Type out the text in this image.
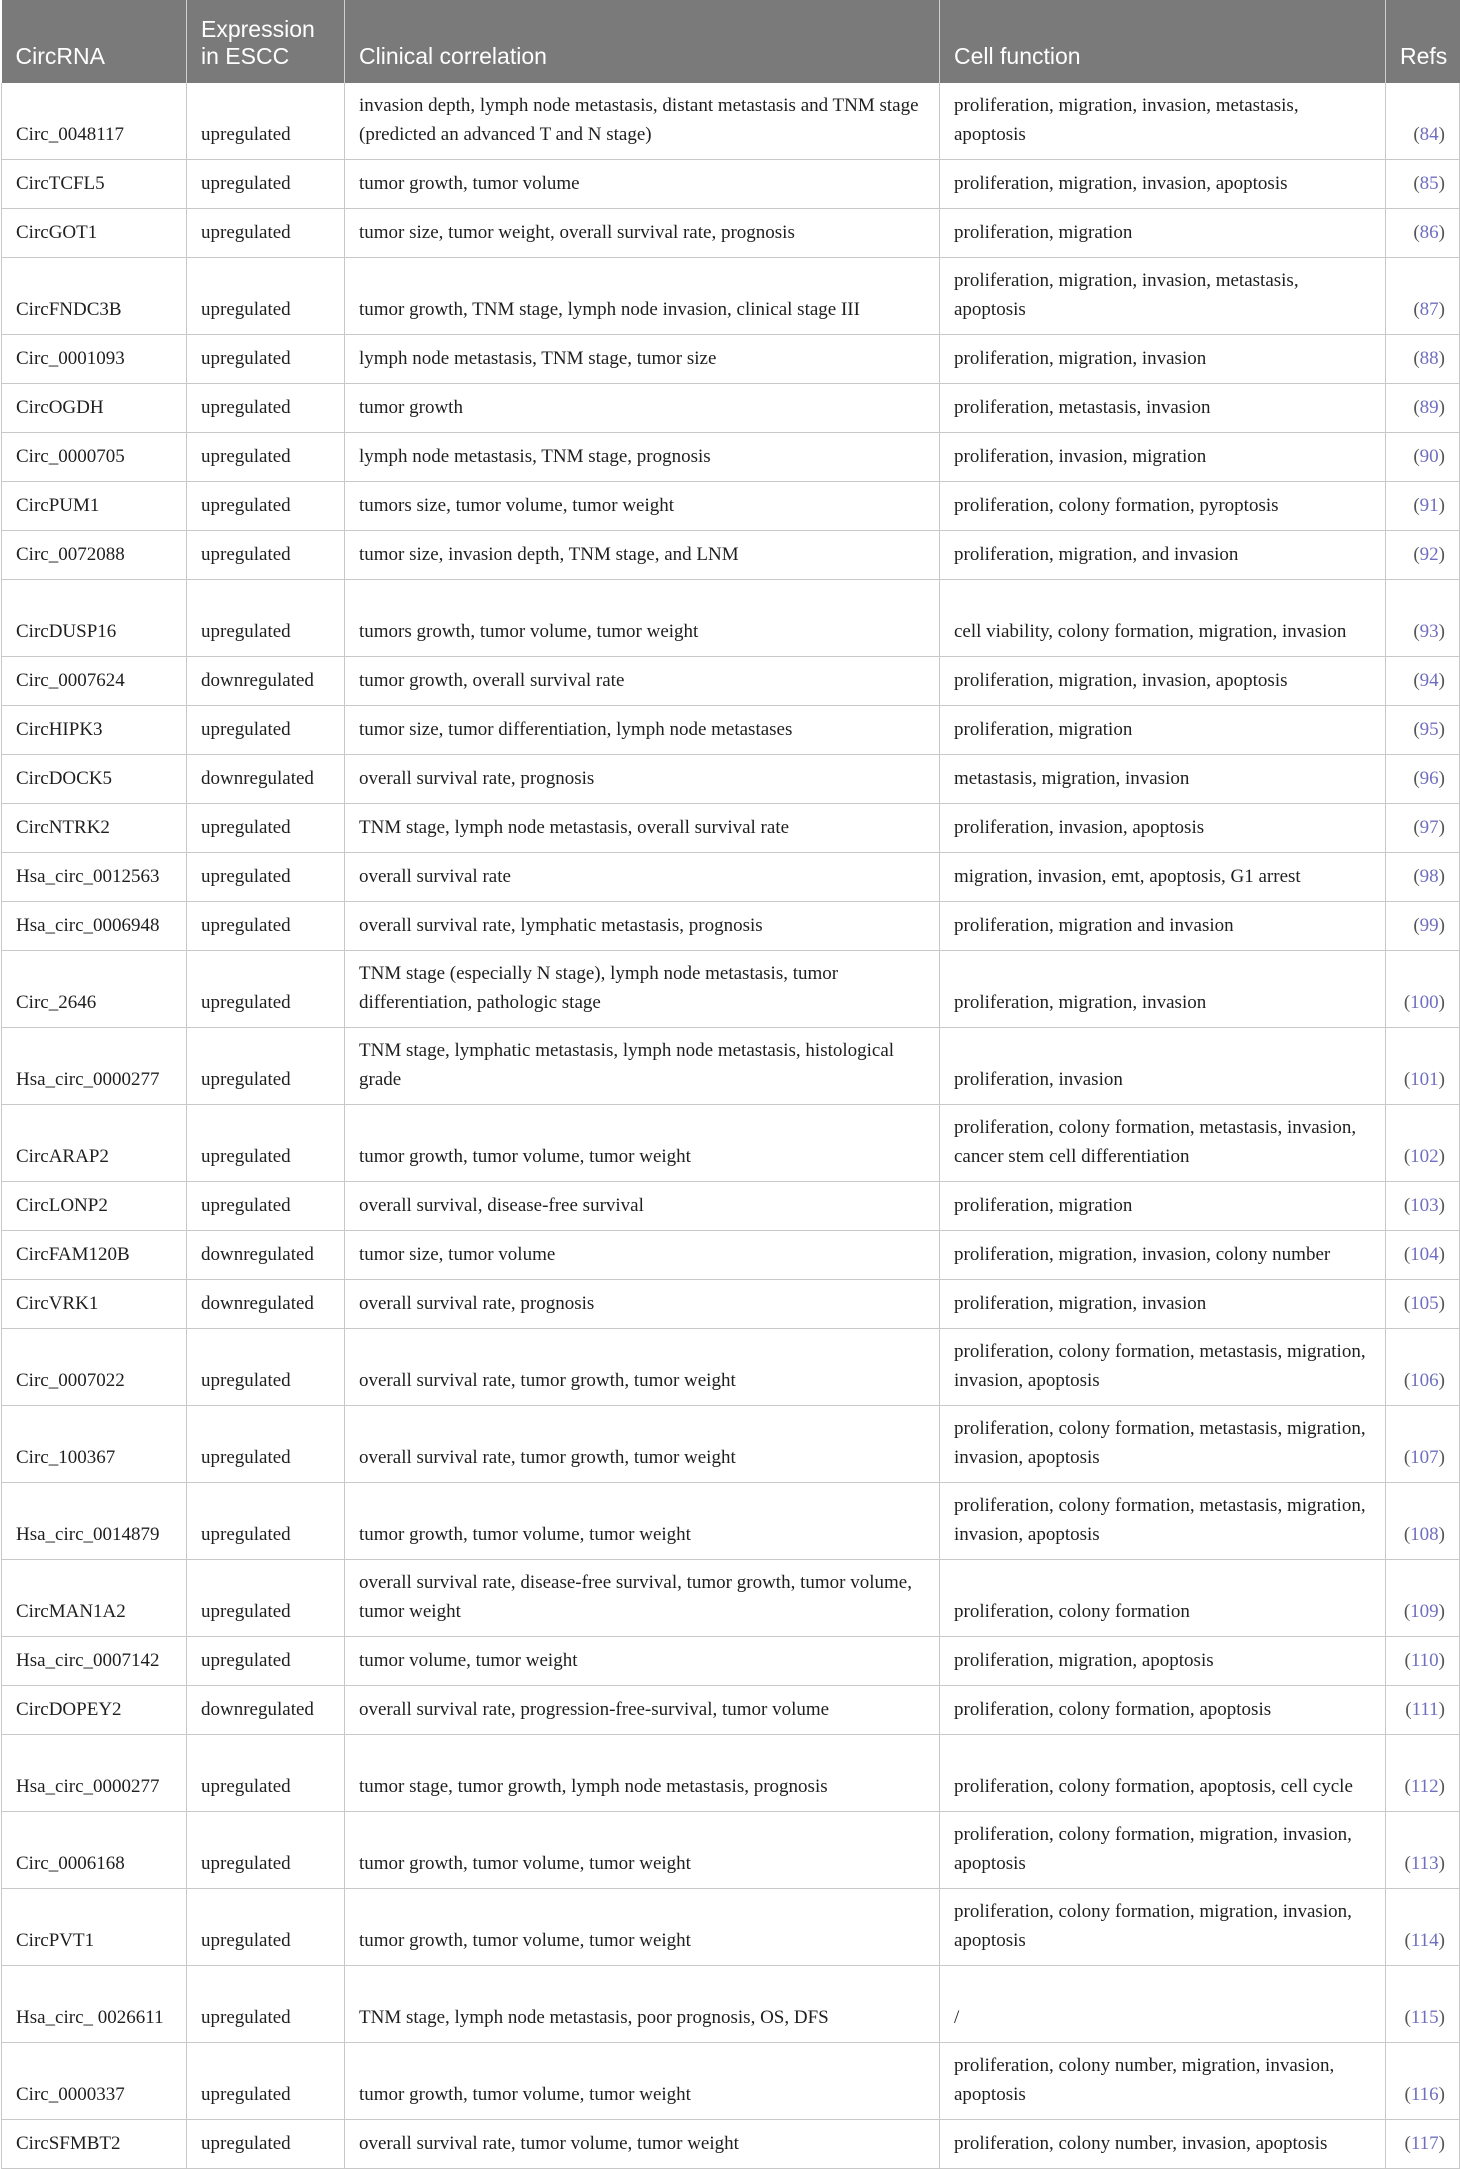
CircRNA	Expression in ESCC	Clinical correlation	Cell function	Refs
Circ_0048117	upregulated	invasion depth, lymph node metastasis, distant metastasis and TNM stage (predicted an advanced T and N stage)	proliferation, migration, invasion, metastasis, apoptosis	(84)
CircTCFL5	upregulated	tumor growth, tumor volume	proliferation, migration, invasion, apoptosis	(85)
CircGOT1	upregulated	tumor size, tumor weight, overall survival rate, prognosis	proliferation, migration	(86)
CircFNDC3B	upregulated	tumor growth, TNM stage, lymph node invasion, clinical stage III	proliferation, migration, invasion, metastasis, apoptosis	(87)
Circ_0001093	upregulated	lymph node metastasis, TNM stage, tumor size	proliferation, migration, invasion	(88)
CircOGDH	upregulated	tumor growth	proliferation, metastasis, invasion	(89)
Circ_0000705	upregulated	lymph node metastasis, TNM stage, prognosis	proliferation, invasion, migration	(90)
CircPUM1	upregulated	tumors size, tumor volume, tumor weight	proliferation, colony formation, pyroptosis	(91)
Circ_0072088	upregulated	tumor size, invasion depth, TNM stage, and LNM	proliferation, migration, and invasion	(92)
CircDUSP16	upregulated	tumors growth, tumor volume, tumor weight	cell viability, colony formation, migration, invasion	(93)
Circ_0007624	downregulated	tumor growth, overall survival rate	proliferation, migration, invasion, apoptosis	(94)
CircHIPK3	upregulated	tumor size, tumor differentiation, lymph node metastases	proliferation, migration	(95)
CircDOCK5	downregulated	overall survival rate, prognosis	metastasis, migration, invasion	(96)
CircNTRK2	upregulated	TNM stage, lymph node metastasis, overall survival rate	proliferation, invasion, apoptosis	(97)
Hsa_circ_0012563	upregulated	overall survival rate	migration, invasion, emt, apoptosis, G1 arrest	(98)
Hsa_circ_0006948	upregulated	overall survival rate, lymphatic metastasis, prognosis	proliferation, migration and invasion	(99)
Circ_2646	upregulated	TNM stage (especially N stage), lymph node metastasis, tumor differentiation, pathologic stage	proliferation, migration, invasion	(100)
Hsa_circ_0000277	upregulated	TNM stage, lymphatic metastasis, lymph node metastasis, histological grade	proliferation, invasion	(101)
CircARAP2	upregulated	tumor growth, tumor volume, tumor weight	proliferation, colony formation, metastasis, invasion, cancer stem cell differentiation	(102)
CircLONP2	upregulated	overall survival, disease-free survival	proliferation, migration	(103)
CircFAM120B	downregulated	tumor size, tumor volume	proliferation, migration, invasion, colony number	(104)
CircVRK1	downregulated	overall survival rate, prognosis	proliferation, migration, invasion	(105)
Circ_0007022	upregulated	overall survival rate, tumor growth, tumor weight	proliferation, colony formation, metastasis, migration, invasion, apoptosis	(106)
Circ_100367	upregulated	overall survival rate, tumor growth, tumor weight	proliferation, colony formation, metastasis, migration, invasion, apoptosis	(107)
Hsa_circ_0014879	upregulated	tumor growth, tumor volume, tumor weight	proliferation, colony formation, metastasis, migration, invasion, apoptosis	(108)
CircMAN1A2	upregulated	overall survival rate, disease-free survival, tumor growth, tumor volume, tumor weight	proliferation, colony formation	(109)
Hsa_circ_0007142	upregulated	tumor volume, tumor weight	proliferation, migration, apoptosis	(110)
CircDOPEY2	downregulated	overall survival rate, progression-free-survival, tumor volume	proliferation, colony formation, apoptosis	(111)
Hsa_circ_0000277	upregulated	tumor stage, tumor growth, lymph node metastasis, prognosis	proliferation, colony formation, apoptosis, cell cycle	(112)
Circ_0006168	upregulated	tumor growth, tumor volume, tumor weight	proliferation, colony formation, migration, invasion, apoptosis	(113)
CircPVT1	upregulated	tumor growth, tumor volume, tumor weight	proliferation, colony formation, migration, invasion, apoptosis	(114)
Hsa_circ_ 0026611	upregulated	TNM stage, lymph node metastasis, poor prognosis, OS, DFS	/	(115)
Circ_0000337	upregulated	tumor growth, tumor volume, tumor weight	proliferation, colony number, migration, invasion, apoptosis	(116)
CircSFMBT2	upregulated	overall survival rate, tumor volume, tumor weight	proliferation, colony number, invasion, apoptosis	(117)
